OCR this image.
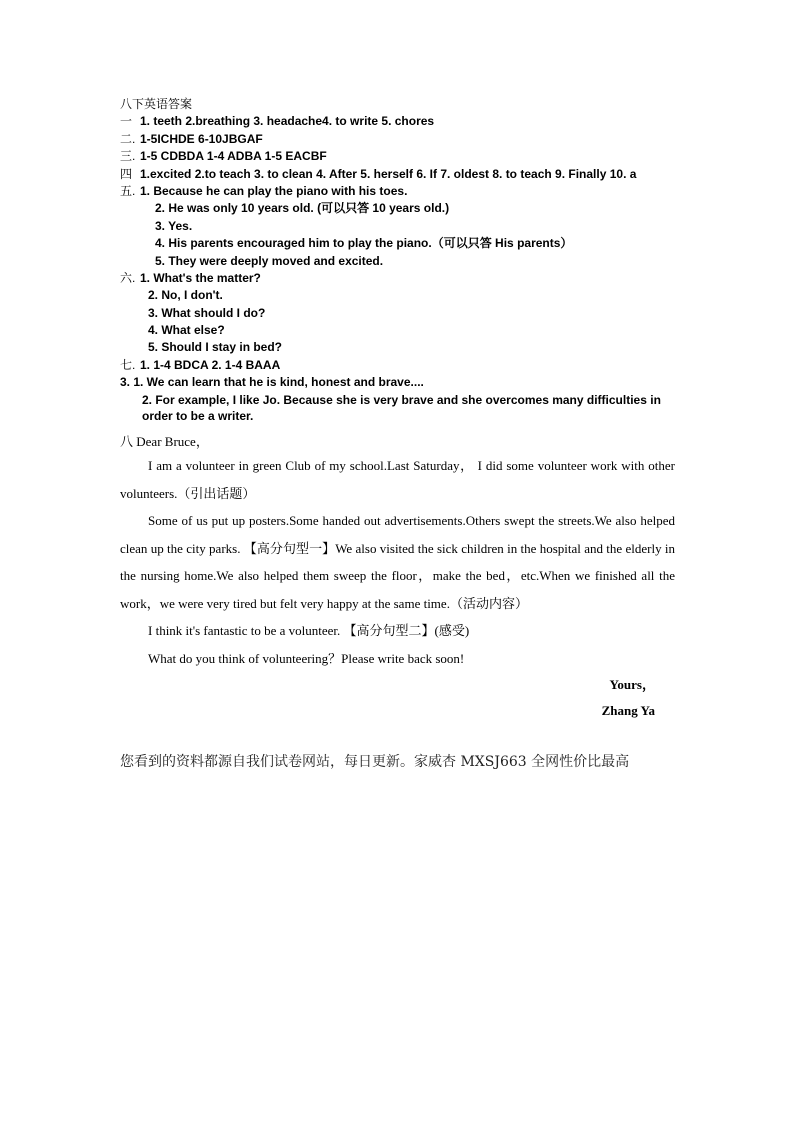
八下英语答案
一 1. teeth 2.breathing 3. headache4. to write 5. chores
二. 1-5ICHDE 6-10JBGAF
三. 1-5 CDBDA 1-4 ADBA 1-5 EACBF
四 1.excited 2.to teach 3. to clean 4. After 5. herself 6. If 7. oldest 8. to teach 9. Finally 10. a
五. 1. Because he can play the piano with his toes.
2. He was only 10 years old. (可以只答 10 years old.)
3. Yes.
4. His parents encouraged him to play the piano.（可以只答 His parents）
5. They were deeply moved and excited.
六. 1. What's the matter?
2. No, I don't.
3. What should I do?
4. What else?
5. Should I stay in bed?
七. 1. 1-4 BDCA 2. 1-4 BAAA
3. 1. We can learn that he is kind, honest and brave....
2. For example, I like Jo. Because she is very brave and she overcomes many difficulties in
order to be a writer.
八 Dear Bruce，

I am a volunteer in green Club of my school.Last Saturday， I did some volunteer work with other volunteers.（引出话题）

Some of us put up posters.Some handed out advertisements.Others swept the streets.We also helped clean up the city parks. 【高分句型一】We also visited the sick children in the hospital and the elderly in the nursing home.We also helped them sweep the floor，make the bed，etc.When we finished all the work，we were very tired but felt very happy at the same time.（活动内容）

I think it's fantastic to be a volunteer. 【高分句型二】(感受)

What do you think of volunteering？Please write back soon!

Yours，
Zhang Ya
您看到的资料都源自我们试卷网站，每日更新。家威杏 MXSJ663 全网性价比最高
